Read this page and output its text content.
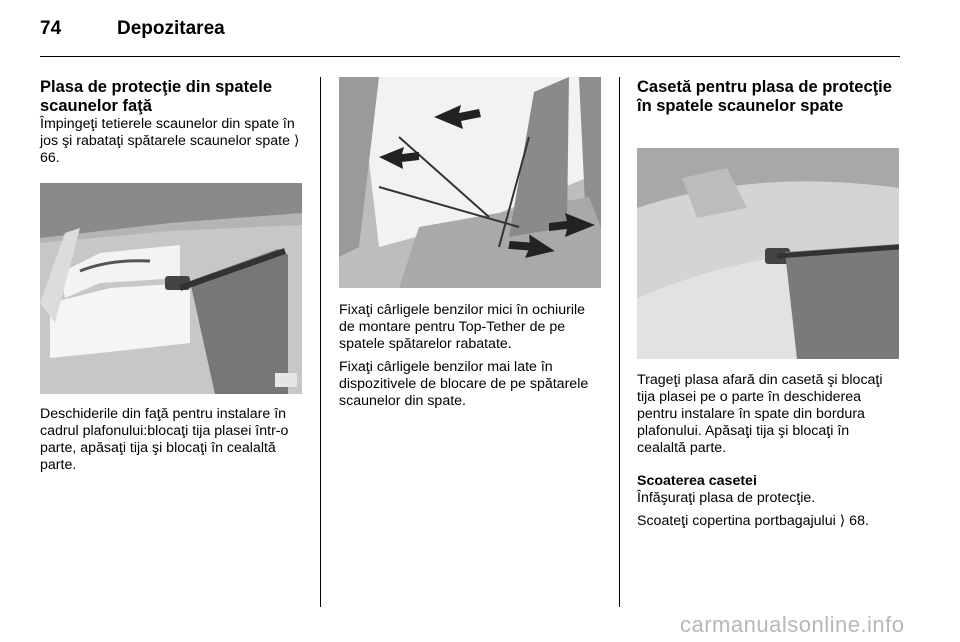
74	Depozitarea
Plasa de protecţie din spatele scaunelor faţă

Împingeţi tetierele scaunelor din spate în jos şi rabataţi spătarele scaunelor spate ⟩ 66.

Deschiderile din faţă pentru instalare în cadrul plafonului:blocaţi tija plasei într-o parte, apăsaţi tija şi blocaţi în cealaltă parte.

Fixaţi cârligele benzilor mici în ochiurile de montare pentru Top-Tether de pe spatele spătarelor rabatate.

Fixaţi cârligele benzilor mai late în dispozitivele de blocare de pe spătarele scaunelor din spate.

Casetă pentru plasa de protecţie în spatele scaunelor spate

Trageţi plasa afară din casetă şi blocaţi tija plasei pe o parte în deschiderea pentru instalare în spate din bordura plafonului. Apăsaţi tija şi blocaţi în cealaltă parte.

Scoaterea casetei

Înfăşuraţi plasa de protecţie.

Scoateţi copertina portbagajului ⟩ 68.

carmanualsonline.info
